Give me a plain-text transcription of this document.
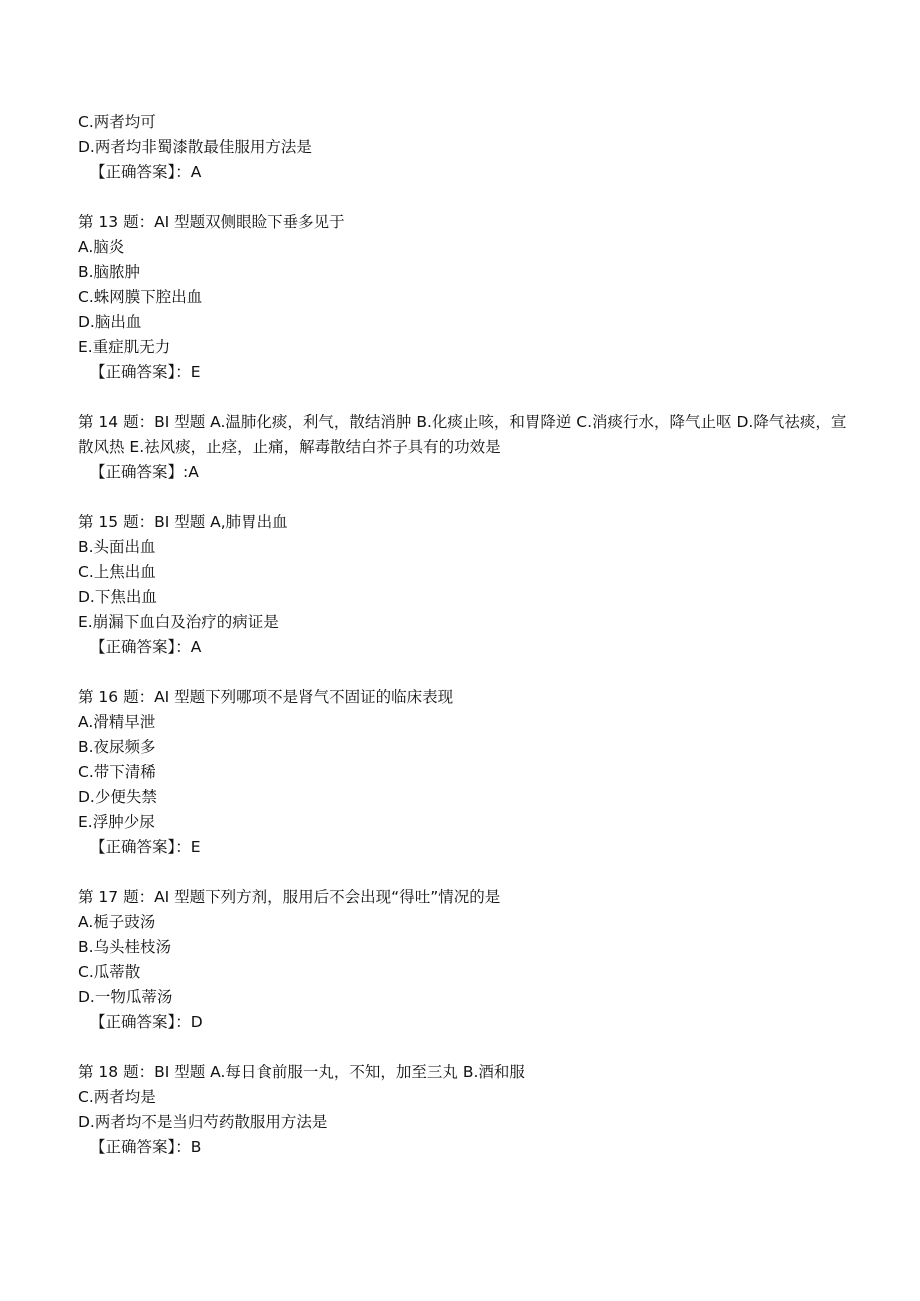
C.两者均可
D.两者均非蜀漆散最佳服用方法是
【正确答案】：A
第 13 题：AI 型题双侧眼睑下垂多见于
A.脑炎
B.脑脓肿
C.蛛网膜下腔出血
D.脑出血
E.重症肌无力
【正确答案】：E
第 14 题：BI 型题 A.温肺化痰，利气，散结消肿 B.化痰止咳，和胃降逆 C.消痰行水，降气止呕 D.降气祛痰，宣散风热 E.祛风痰，止痉，止痛，解毒散结白芥子具有的功效是
【正确答案】:A
第 15 题：BI 型题 A,肺胃出血
B.头面出血
C.上焦出血
D.下焦出血
E.崩漏下血白及治疗的病证是
【正确答案】：A
第 16 题：AI 型题下列哪项不是肾气不固证的临床表现
A.滑精早泄
B.夜尿频多
C.带下清稀
D.少便失禁
E.浮肿少尿
【正确答案】：E
第 17 题：AI 型题下列方剂，服用后不会出现“得吐”情况的是
A.栀子豉汤
B.乌头桂枝汤
C.瓜蒂散
D.一物瓜蒂汤
【正确答案】：D
第 18 题：BI 型题 A.每日食前服一丸，不知，加至三丸 B.酒和服
C.两者均是
D.两者均不是当归芍药散服用方法是
【正确答案】：B
